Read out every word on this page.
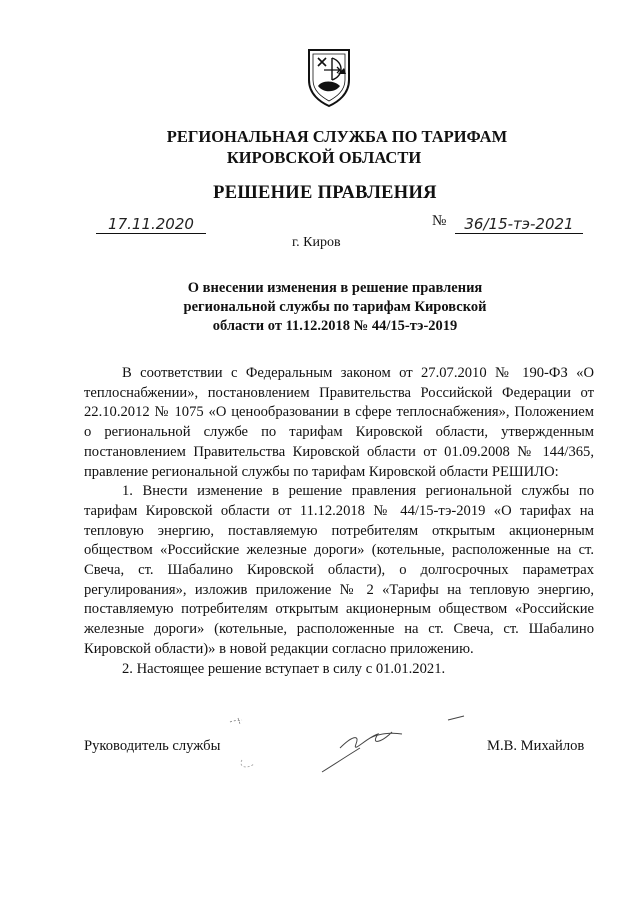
РЕГИОНАЛЬНАЯ СЛУЖБА ПО ТАРИФАМ
КИРОВСКОЙ ОБЛАСТИ
РЕШЕНИЕ ПРАВЛЕНИЯ
17.11.2020	№	36/15-тэ-2021
г. Киров
О внесении изменения в решение правления
региональной службы по тарифам Кировской
области от 11.12.2018 № 44/15-тэ-2019

В соответствии с Федеральным законом от 27.07.2010 № 190-ФЗ «О теплоснабжении», постановлением Правительства Российской Федерации от 22.10.2012 № 1075 «О ценообразовании в сфере теплоснабжения», Положением о региональной службе по тарифам Кировской области, утвержденным постановлением Правительства Кировской области от 01.09.2008 № 144/365, правление региональной службы по тарифам Кировской области РЕШИЛО:

1. Внести изменение в решение правления региональной службы по тарифам Кировской области от 11.12.2018 № 44/15-тэ-2019 «О тарифах на тепловую энергию, поставляемую потребителям открытым акционерным обществом «Российские железные дороги» (котельные, расположенные на ст. Свеча, ст. Шабалино Кировской области), о долгосрочных параметрах регулирования», изложив приложение № 2 «Тарифы на тепловую энергию, поставляемую потребителям открытым акционерным обществом «Российские железные дороги» (котельные, расположенные на ст. Свеча, ст. Шабалино Кировской области)» в новой редакции согласно приложению.

2. Настоящее решение вступает в силу с 01.01.2021.

Руководитель службы	М.В. Михайлов
